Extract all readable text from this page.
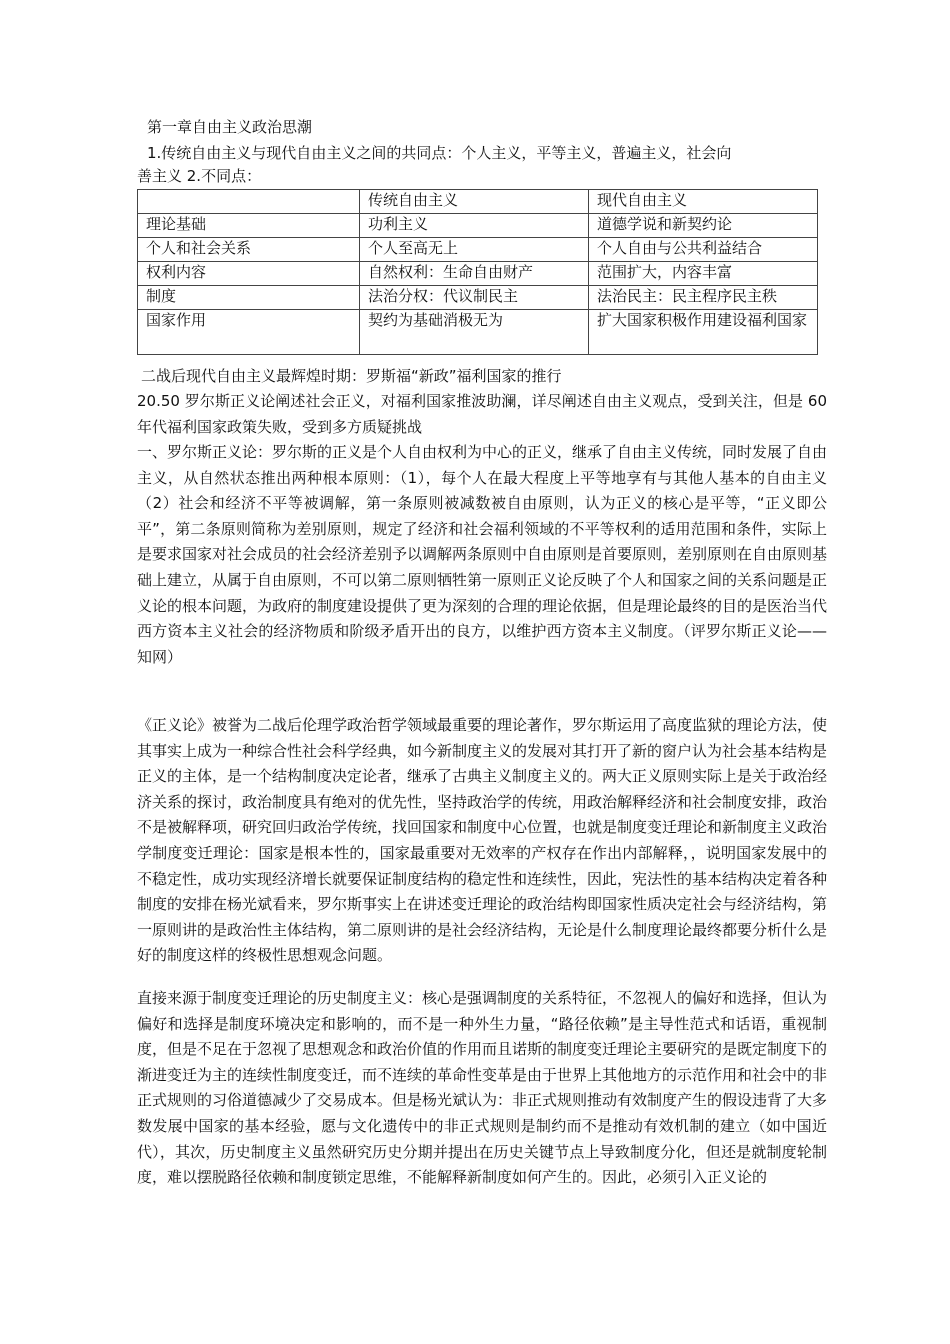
第一章自由主义政治思潮
1.传统自由主义与现代自由主义之间的共同点：个人主义，平等主义，普遍主义，社会向
善主义 2.不同点：
	传统自由主义	现代自由主义
理论基础	功利主义	道德学说和新契约论
个人和社会关系	个人至高无上	个人自由与公共利益结合
权利内容	自然权利：生命自由财产	范围扩大，内容丰富
制度	法治分权：代议制民主	法治民主：民主程序民主秩
国家作用	契约为基础消极无为	扩大国家积极作用建设福利国家
二战后现代自由主义最辉煌时期：罗斯福“新政”福利国家的推行
20.50 罗尔斯正义论阐述社会正义，对福利国家推波助澜，详尽阐述自由主义观点，受到关注，但是 60 年代福利国家政策失败，受到多方质疑挑战
一、罗尔斯正义论：罗尔斯的正义是个人自由权利为中心的正义，继承了自由主义传统，同时发展了自由主义，从自然状态推出两种根本原则：（1），每个人在最大程度上平等地享有与其他人基本的自由主义（2）社会和经济不平等被调解，第一条原则被减数被自由原则，认为正义的核心是平等，“正义即公平”，第二条原则简称为差别原则，规定了经济和社会福利领域的不平等权利的适用范围和条件，实际上是要求国家对社会成员的社会经济差别予以调解两条原则中自由原则是首要原则，差别原则在自由原则基础上建立，从属于自由原则，不可以第二原则牺牲第一原则正义论反映了个人和国家之间的关系问题是正义论的根本问题，为政府的制度建设提供了更为深刻的合理的理论依据，但是理论最终的目的是医治当代西方资本主义社会的经济物质和阶级矛盾开出的良方，以维护西方资本主义制度。（评罗尔斯正义论——知网）
《正义论》被誉为二战后伦理学政治哲学领域最重要的理论著作，罗尔斯运用了高度监狱的理论方法，使其事实上成为一种综合性社会科学经典，如今新制度主义的发展对其打开了新的窗户认为社会基本结构是正义的主体，是一个结构制度决定论者，继承了古典主义制度主义的。两大正义原则实际上是关于政治经济关系的探讨，政治制度具有绝对的优先性，坚持政治学的传统，用政治解释经济和社会制度安排，政治不是被解释项，研究回归政治学传统，找回国家和制度中心位置，也就是制度变迁理论和新制度主义政治学制度变迁理论：国家是根本性的，国家最重要对无效率的产权存在作出内部解释，，说明国家发展中的不稳定性，成功实现经济增长就要保证制度结构的稳定性和连续性，因此，宪法性的基本结构决定着各种制度的安排在杨光斌看来，罗尔斯事实上在讲述变迁理论的政治结构即国家性质决定社会与经济结构，第一原则讲的是政治性主体结构，第二原则讲的是社会经济结构，无论是什么制度理论最终都要分析什么是好的制度这样的终极性思想观念问题。
直接来源于制度变迁理论的历史制度主义：核心是强调制度的关系特征，不忽视人的偏好和选择，但认为偏好和选择是制度环境决定和影响的，而不是一种外生力量，“路径依赖”是主导性范式和话语，重视制度，但是不足在于忽视了思想观念和政治价值的作用而且诺斯的制度变迁理论主要研究的是既定制度下的渐进变迁为主的连续性制度变迁，而不连续的革命性变革是由于世界上其他地方的示范作用和社会中的非正式规则的习俗道德减少了交易成本。但是杨光斌认为：非正式规则推动有效制度产生的假设违背了大多数发展中国家的基本经验，愿与文化遗传中的非正式规则是制约而不是推动有效机制的建立（如中国近代），其次，历史制度主义虽然研究历史分期并提出在历史关键节点上导致制度分化，但还是就制度轮制度，难以摆脱路径依赖和制度锁定思维，不能解释新制度如何产生的。因此，必须引入正义论的
